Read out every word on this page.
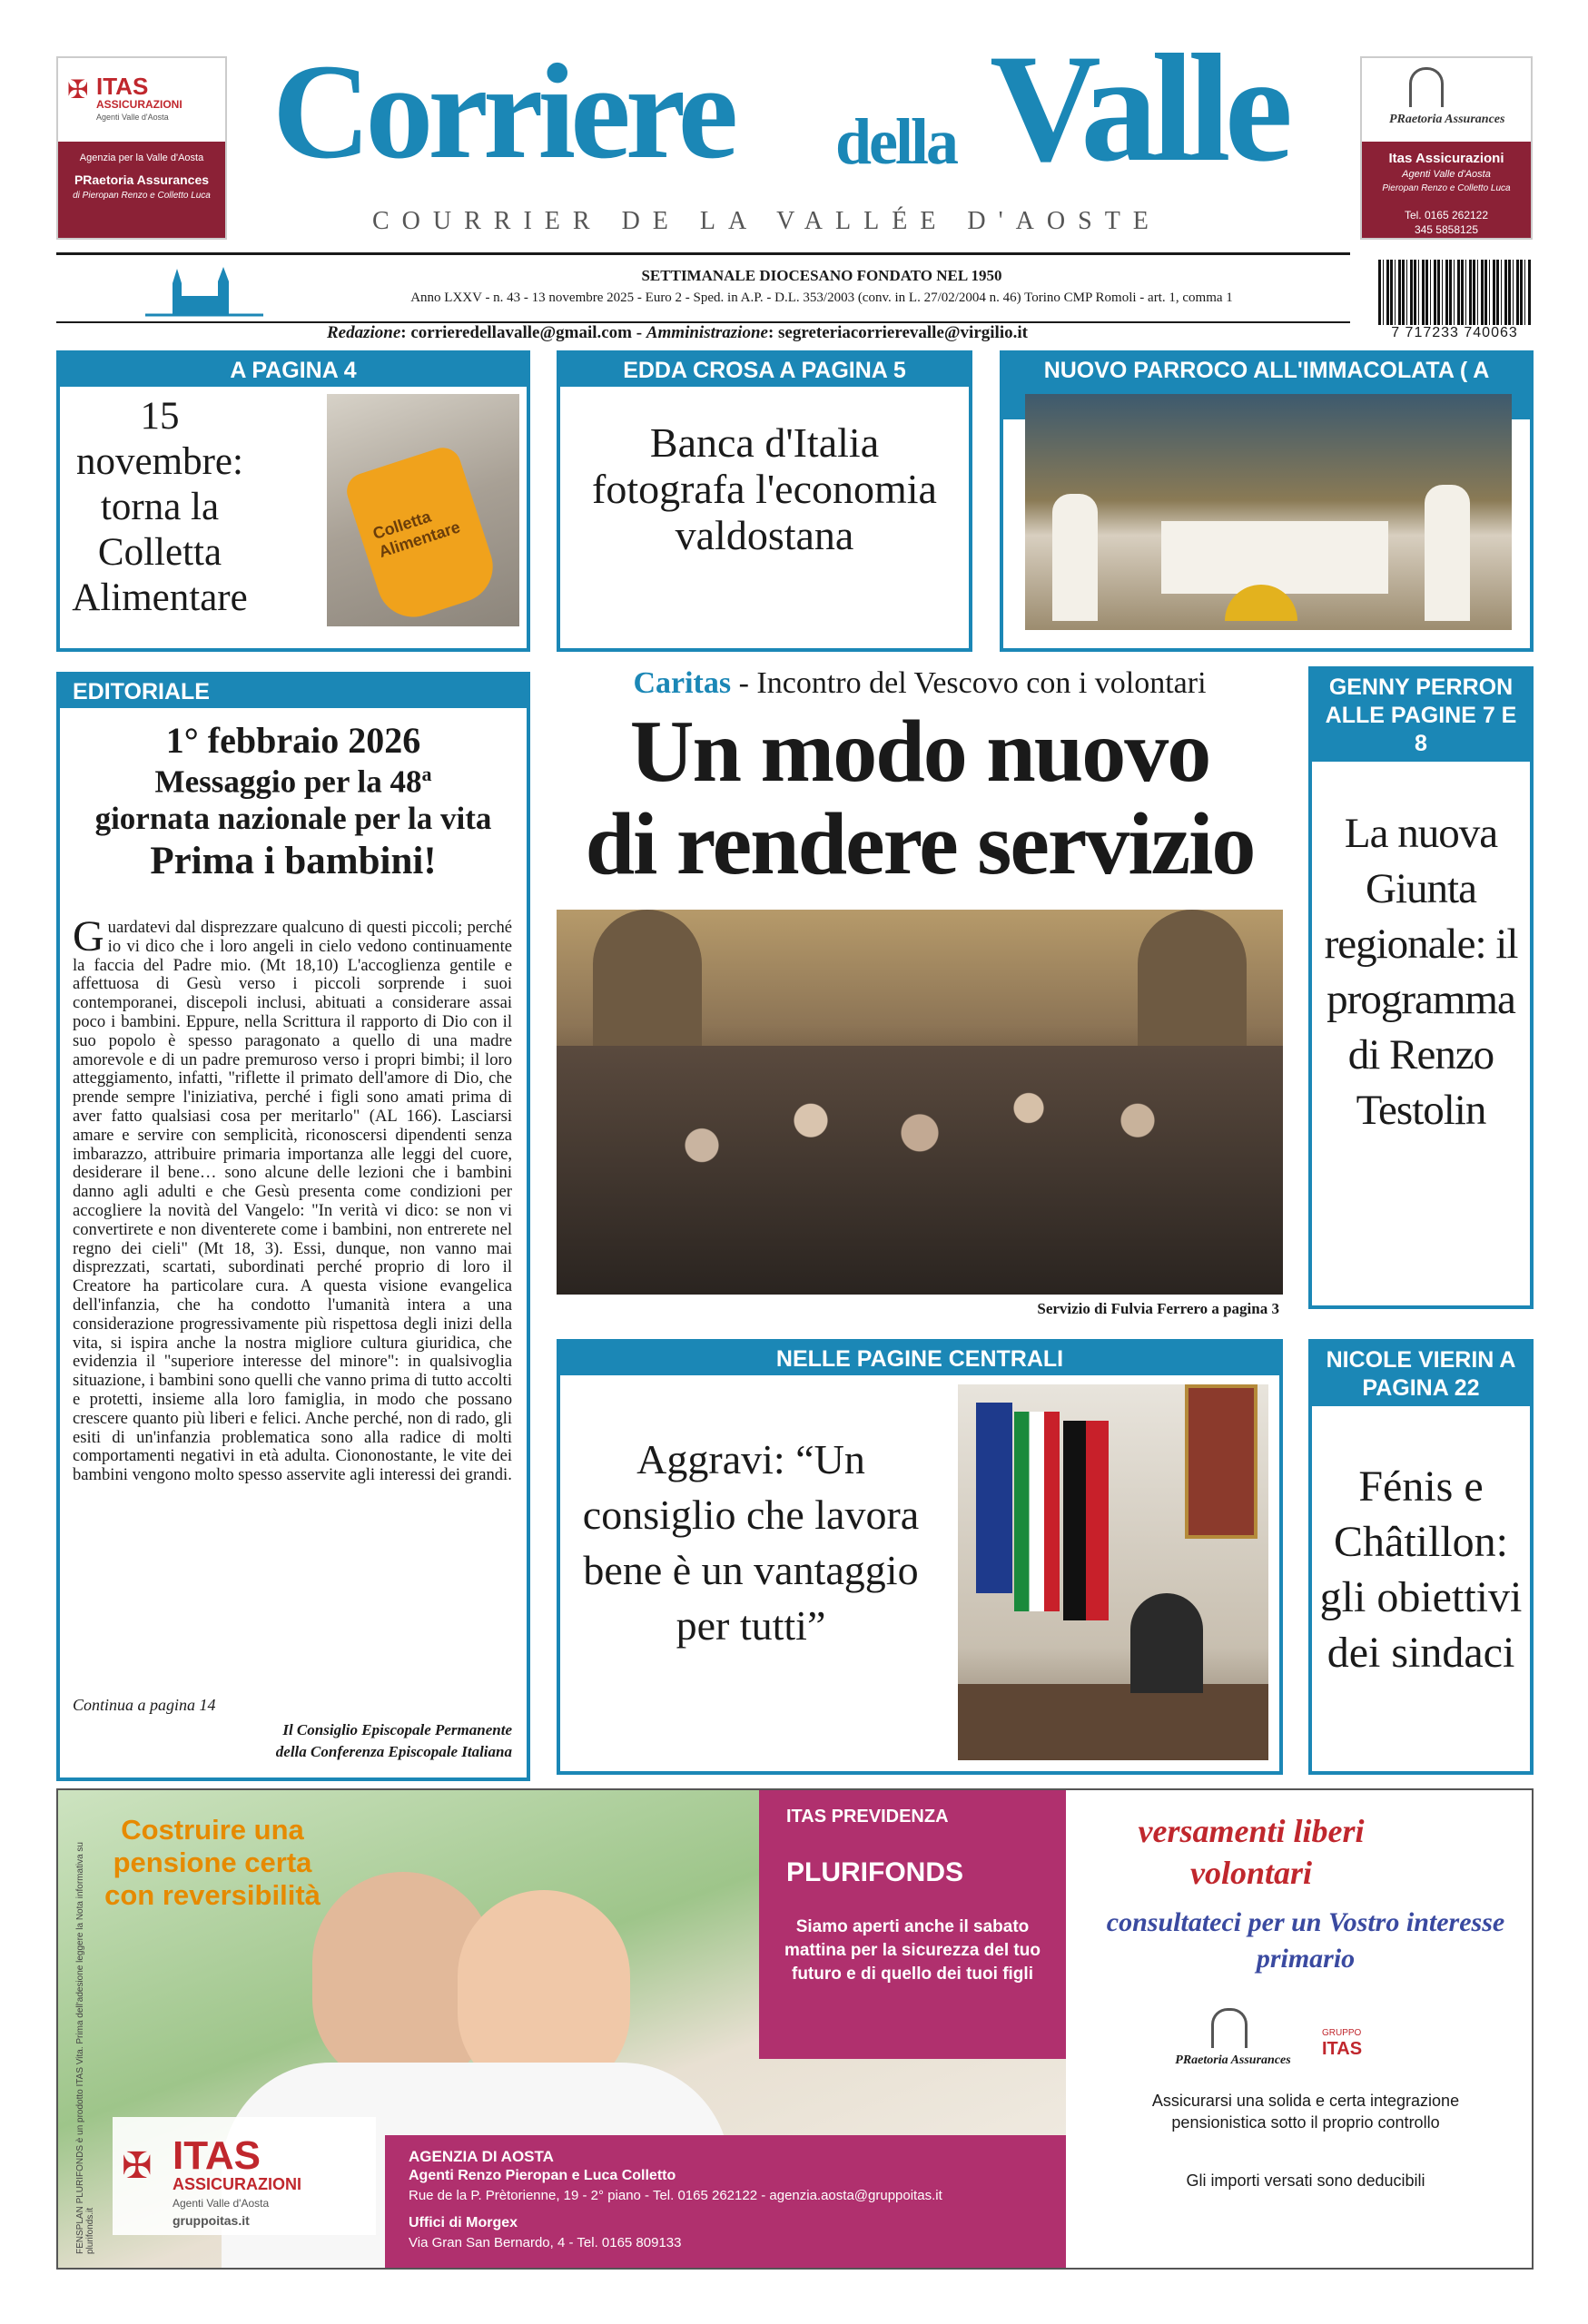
✠ ITAS
ASSICURAZIONI
Agenti Valle d'Aosta
Agenzia per la Valle d'Aosta
PRaetoria Assurances
di Pieropan Renzo e Colletto Luca
Corriere della Valle
COURRIER DE LA VALLÉE D'AOSTE
PRaetoria Assurances
Itas Assicurazioni
Agenti Valle d'Aosta
Pieropan Renzo e Colletto Luca
Tel. 0165 262122
345 5858125
SETTIMANALE DIOCESANO FONDATO NEL 1950
Anno LXXV - n. 43 - 13 novembre 2025 - Euro 2 - Sped. in A.P. - D.L. 353/2003 (conv. in L. 27/02/2004 n. 46) Torino CMP Romoli - art. 1, comma 1
Redazione: corrieredellavalle@gmail.com - Amministrazione: segreteriacorrierevalle@virgilio.it	7 717233 740063
A PAGINA 4
15 novembre: torna la Colletta Alimentare
Colletta Alimentare
EDDA CROSA A PAGINA 5
Banca d'Italia fotografa l'economia valdostana
NUOVO PARROCO ALL'IMMACOLATA ( A
EDITORIALE
1° febbraio 2026
Messaggio per la 48$^a$
giornata nazionale per la vita
Prima i bambini!
Guardatevi dal disprezzare qualcuno di questi piccoli; perché io vi dico che i loro angeli in cielo vedono continuamente la faccia del Padre mio. (Mt 18,10) L'accoglienza gentile e affettuosa di Gesù verso i piccoli sorprende i suoi contemporanei, discepoli inclusi, abituati a considerare assai poco i bambini. Eppure, nella Scrittura il rapporto di Dio con il suo popolo è spesso paragonato a quello di una madre amorevole e di un padre premuroso verso i propri bimbi; il loro atteggiamento, infatti, "riflette il primato dell'amore di Dio, che prende sempre l'iniziativa, perché i figli sono amati prima di aver fatto qualsiasi cosa per meritarlo" (AL 166). Lasciarsi amare e servire con semplicità, riconoscersi dipendenti senza imbarazzo, attribuire primaria importanza alle leggi del cuore, desiderare il bene… sono alcune delle lezioni che i bambini danno agli adulti e che Gesù presenta come condizioni per accogliere la novità del Vangelo: "In verità vi dico: se non vi convertirete e non diventerete come i bambini, non entrerete nel regno dei cieli" (Mt 18, 3). Essi, dunque, non vanno mai disprezzati, scartati, subordinati perché proprio di loro il Creatore ha particolare cura. A questa visione evangelica dell'infanzia, che ha condotto l'umanità intera a una considerazione progressivamente più rispettosa degli inizi della vita, si ispira anche la nostra migliore cultura giuridica, che evidenzia il "superiore interesse del minore": in qualsivoglia situazione, i bambini sono quelli che vanno prima di tutto accolti e protetti, insieme alla loro famiglia, in modo che possano crescere quanto più liberi e felici. Anche perché, non di rado, gli esiti di un'infanzia problematica sono alla radice di molti comportamenti negativi in età adulta. Ciononostante, le vite dei bambini vengono molto spesso asservite agli interessi dei grandi.
Continua a pagina 14
Il Consiglio Episcopale Permanente
della Conferenza Episcopale Italiana
Caritas - Incontro del Vescovo con i volontari
Un modo nuovo
di rendere servizio
Servizio di Fulvia Ferrero a pagina 3
GENNY PERRON ALLE PAGINE 7 E 8
La nuova Giunta regionale: il programma di Renzo Testolin
NELLE PAGINE CENTRALI
Aggravi: “Un consiglio che lavora bene è un vantaggio per tutti”
NICOLE VIERIN A PAGINA 22
Fénis e Châtillon: gli obiettivi dei sindaci
Costruire una pensione certa con reversibilità
FENSPLAN PLURIFONDS è un prodotto ITAS Vita. Prima dell'adesione leggere la Nota informativa su plurifonds.it
✠ ITAS
ASSICURAZIONI
Agenti Valle d'Aosta
gruppoitas.it
ITAS PREVIDENZA
PLURIFONDS
Siamo aperti anche il sabato mattina per la sicurezza del tuo futuro e di quello dei tuoi figli
AGENZIA DI AOSTA
Agenti Renzo Pieropan e Luca Colletto
Rue de la P. Prètorienne, 19 - 2° piano - Tel. 0165 262122 - agenzia.aosta@gruppoitas.it
Uffici di Morgex
Via Gran San Bernardo, 4 - Tel. 0165 809133
versamenti liberi volontari
consultateci per un Vostro interesse primario
PRaetoria Assurances
GRUPPO
ITAS
Assicurarsi una solida e certa integrazione pensionistica sotto il proprio controllo
Gli importi versati sono deducibili
